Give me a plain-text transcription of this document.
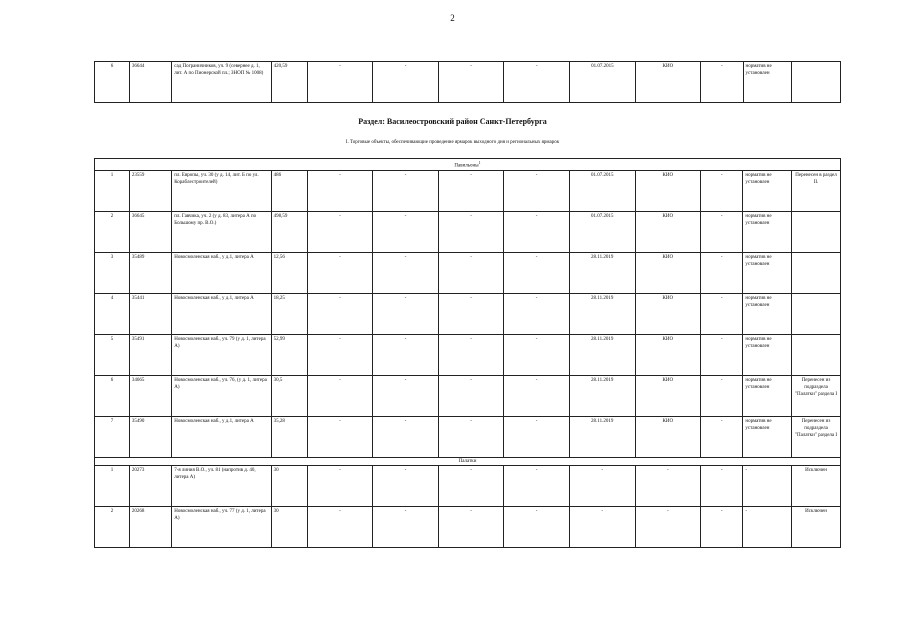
2
6	36644	сад Пограничников, уч. 9 (севернее д. 1, лит. А по Пионерской пл.; ЗНОП № 1008)	420,59	-	-	-	-	01.07.2015	КИО	-	норматив не установлен	
Раздел: Василеостровский район Санкт-Петербурга
I. Торговые объекты, обеспечивающие проведение ярмарок выходного дня и региональных ярмарок
Павильоны$^1$
1	23559	пл. Европы, уч. 30 (у д. 14, лит. Б по ул. Кораблестроителей)	486	-	-	-	-	01.07.2015	КИО	-	норматив не установлен	Перенесен в раздел II.
2	36645	пл. Гавчика, уч. 2 (у д. 83, литера А по Большому пр. В.О.)	498,59	-	-	-	-	01.07.2015	КИО	-	норматив не установлен	
3	35489	Новосмоленская наб., у д.1, литера А	12,56	-	-	-	-	28.11.2019	КИО	-	норматив не установлен	
4	35441	Новосмоленская наб., у д.1, литера А	18,25	-	-	-	-	28.11.2019	КИО	-	норматив не установлен	
5	35491	Новосмоленская наб., уч. 79 (у д. 1, литера А)	52,99	-	-	-	-	28.11.2019	КИО	-	норматив не установлен	
6	34665	Новосмоленская наб., уч. 76, (у д. 1, литера А)	30,5	-	-	-	-	28.11.2019	КИО	-	норматив не установлен	Перенесен из подраздела "Палатки" раздела I
7	35490	Новосмоленская наб., у д.1, литера А	35,28	-	-	-	-	28.11.2019	КИО	-	норматив не установлен	Перенесен из подраздела "Палатки" раздела I
Палатки												
1	20273	7-я линия В.О., уч. 81 (напротив д. 40, литера А)	30	-	-	-	-	-	-	-	-	Исключен
2	20268	Новосмоленская наб., уч. 77 (у д. 1, литера А)	30	-	-	-	-	-	-	-	-	Исключен
